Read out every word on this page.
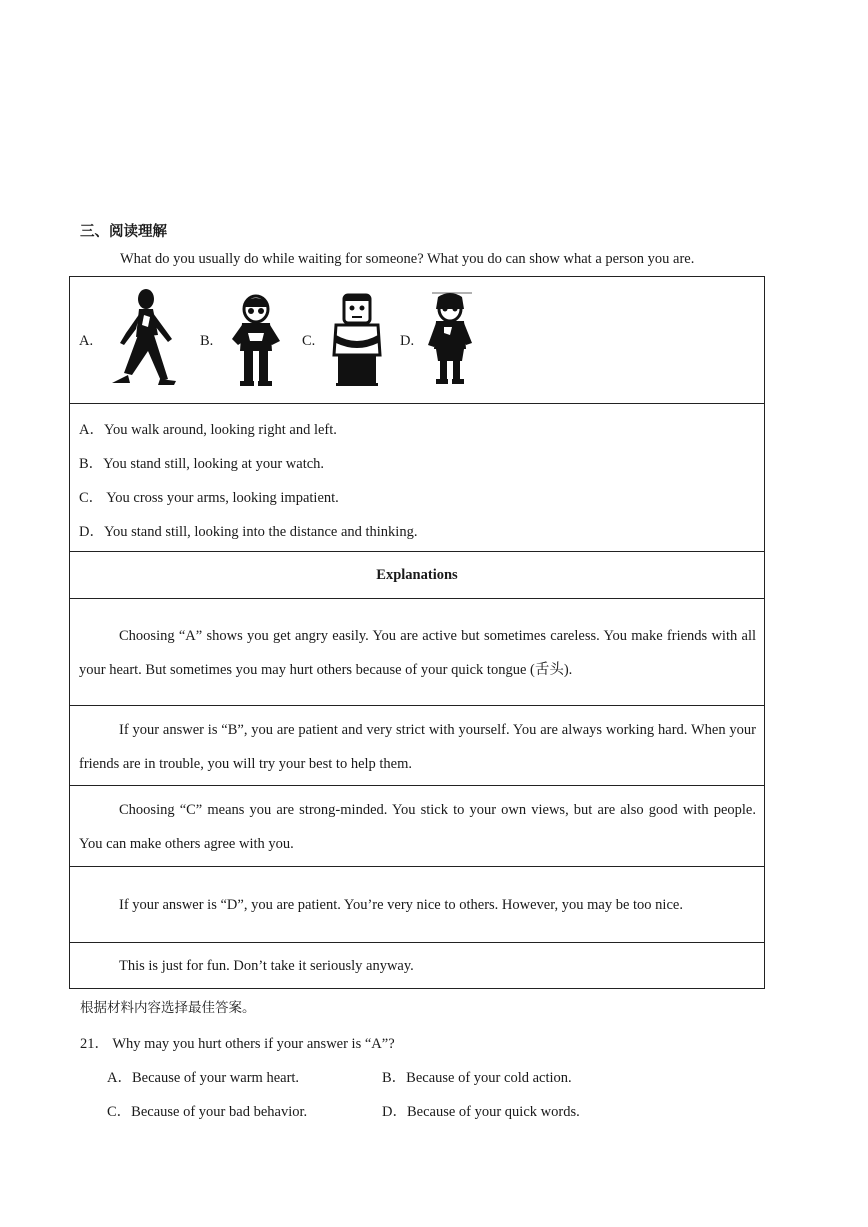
三、阅读理解
What do you usually do while waiting for someone? What you do can show what a person you are.
A.	B.	C.	D.
A．You walk around, looking right and left.
B．You stand still, looking at your watch.
C． You cross your arms, looking impatient.
D．You stand still, looking into the distance and thinking.
Explanations
Choosing “A” shows you get angry easily. You are active but sometimes careless. You make friends with all your heart. But sometimes you may hurt others because of your quick tongue (舌头).
If your answer is “B”, you are patient and very strict with yourself. You are always working hard. When your friends are in trouble, you will try your best to help them.
Choosing “C” means you are strong-minded. You stick to your own views, but are also good with people. You can make others agree with you.
If your answer is “D”, you are patient. You’re very nice to others. However, you may be too nice.
This is just for fun. Don’t take it seriously anyway.
根据材料内容选择最佳答案。
21． Why may you hurt others if your answer is “A”?
A．Because of your warm heart.	B．Because of your cold action.
C．Because of your bad behavior.	D．Because of your quick words.
